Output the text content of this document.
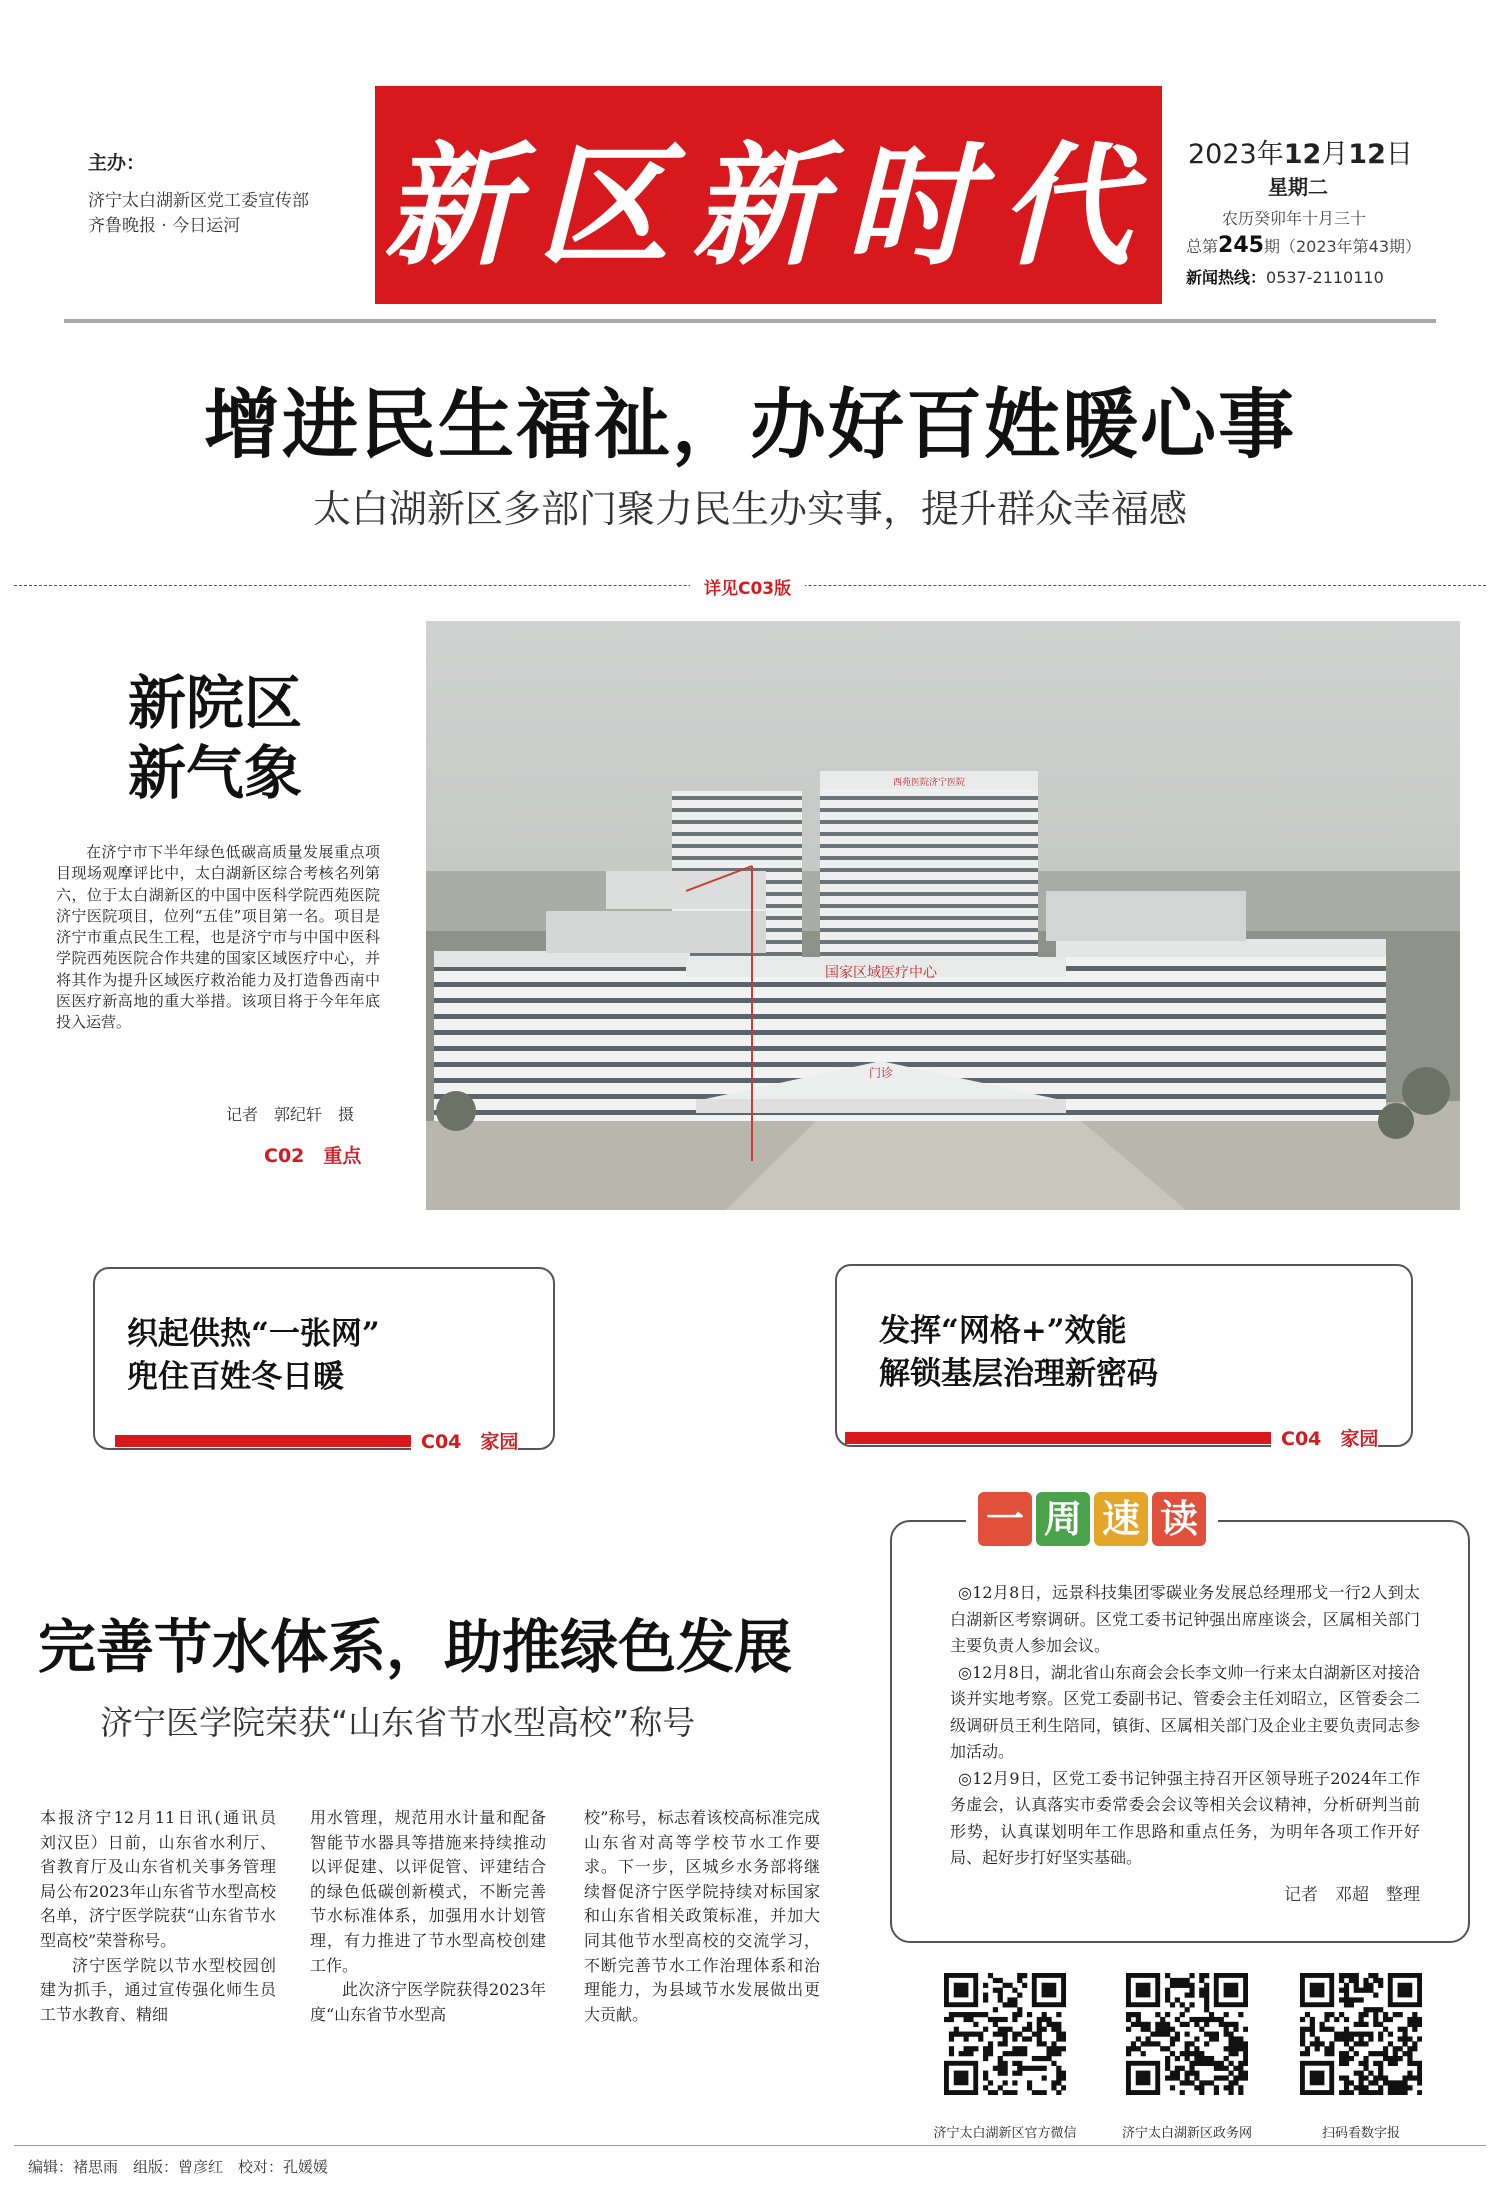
主办：
济宁太白湖新区党工委宣传部
齐鲁晚报 · 今日运河 新区新时代 2023年12月12日
星期二
农历癸卯年十月三十
总第245期（2023年第43期）
新闻热线：0537-2110110
增进民生福祉，办好百姓暖心事
太白湖新区多部门聚力民生办实事，提升群众幸福感
详见C03版
新院区
新气象
在济宁市下半年绿色低碳高质量发展重点项目现场观摩评比中，太白湖新区综合考核名列第六，位于太白湖新区的中国中医科学院西苑医院济宁医院项目，位列“五佳”项目第一名。项目是济宁市重点民生工程，也是济宁市与中国中医科学院西苑医院合作共建的国家区域医疗中心，并将其作为提升区域医疗救治能力及打造鲁西南中医医疗新高地的重大举措。该项目将于今年年底投入运营。
记者　郭纪轩　摄
C02　重点
西苑医院济宁医院
国家区域医疗中心
门诊
织起供热“一张网”
兜住百姓冬日暖
C04　家园
发挥“网格+”效能
解锁基层治理新密码
C04　家园
完善节水体系，助推绿色发展
济宁医学院荣获“山东省节水型高校”称号

本报济宁12月11日讯(通讯员　刘汉臣）日前，山东省水利厅、省教育厅及山东省机关事务管理局公布2023年山东省节水型高校名单，济宁医学院获“山东省节水型高校”荣誉称号。

济宁医学院以节水型校园创建为抓手，通过宣传强化师生员工节水教育、精细

用水管理，规范用水计量和配备智能节水器具等措施来持续推动以评促建、以评促管、评建结合的绿色低碳创新模式，不断完善节水标准体系，加强用水计划管理，有力推进了节水型高校创建工作。

此次济宁医学院获得2023年度“山东省节水型高

校”称号，标志着该校高标准完成山东省对高等学校节水工作要求。下一步，区城乡水务部将继续督促济宁医学院持续对标国家和山东省相关政策标准，并加大同其他节水型高校的交流学习，不断完善节水工作治理体系和治理能力，为县域节水发展做出更大贡献。

一 周 速 读

◎12月8日，远景科技集团零碳业务发展总经理邢戈一行2人到太白湖新区考察调研。区党工委书记钟强出席座谈会，区属相关部门主要负责人参加会议。

◎12月8日，湖北省山东商会会长李文帅一行来太白湖新区对接洽谈并实地考察。区党工委副书记、管委会主任刘昭立，区管委会二级调研员王利生陪同，镇街、区属相关部门及企业主要负责同志参加活动。

◎12月9日，区党工委书记钟强主持召开区领导班子2024年工作务虚会，认真落实市委常委会会议等相关会议精神，分析研判当前形势，认真谋划明年工作思路和重点任务，为明年各项工作开好局、起好步打好坚实基础。

记者　邓超　整理
济宁太白湖新区官方微信	济宁太白湖新区政务网	扫码看数字报
编辑：褚思雨　组版：曾彦红　校对：孔媛媛
